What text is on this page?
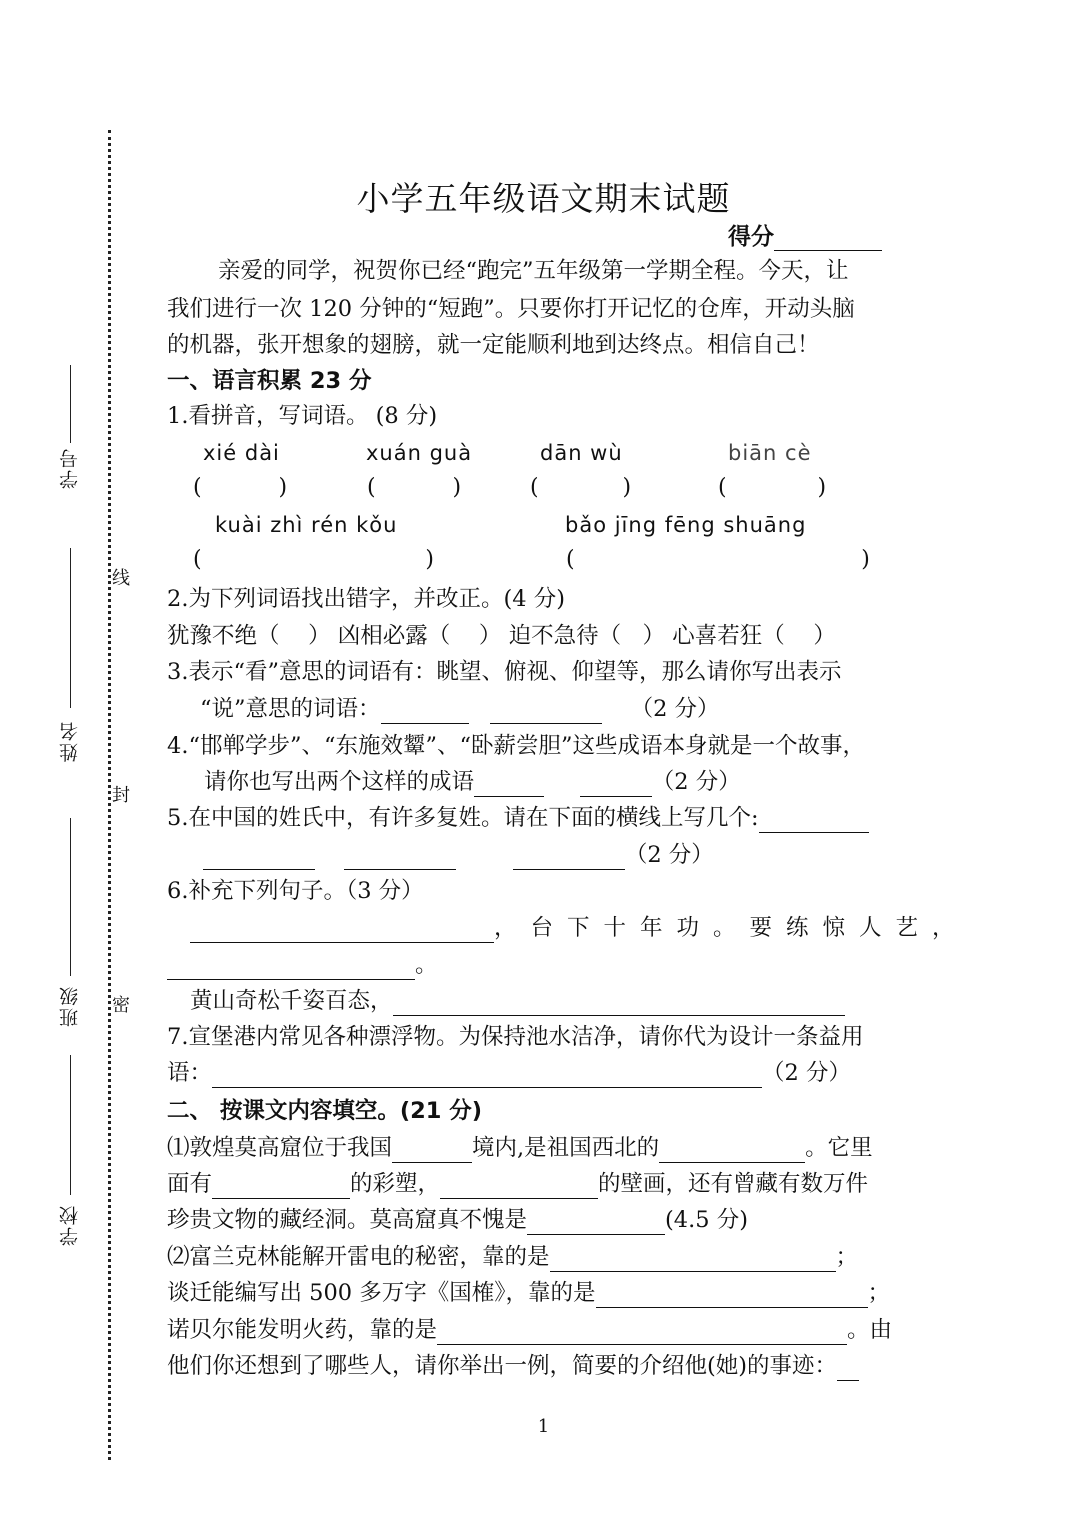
学号
姓名
班级
学校
线
封
密
小学五年级语文期末试题
得分
亲爱的同学，祝贺你已经“跑完”五年级第一学期全程。今天，让
我们进行一次 120 分钟的“短跑”。只要你打开记忆的仓库，开动头脑
的机器，张开想象的翅膀，就一定能顺利地到达终点。相信自己！
一、语言积累 23 分
1.看拼音，写词语。 (8 分)
xié dài	xuán guà	dān wù	biān cè
(           )	(           )	(            )	(             )
kuài zhì rén kǒu	bǎo jīng fēng shuāng
(                                )	(                                         )
2.为下列词语找出错字，并改正。(4 分)
犹豫不绝（    ） 凶相必露（    ） 迫不急待（   ） 心喜若狂（    ）
3.表示“看”意思的词语有：眺望、俯视、仰望等，那么请你写出表示
“说”意思的词语：	（2 分）
4.“邯郸学步”、“东施效颦”、“卧薪尝胆”这些成语本身就是一个故事，
请你也写出两个这样的成语	（2 分）
5.在中国的姓氏中，有许多复姓。请在下面的横线上写几个:
（2 分）
6.补充下列句子。（3 分）
，台下十年功。要练惊人艺，
。
黄山奇松千姿百态，
7.宣堡港内常见各种漂浮物。为保持池水洁净，请你代为设计一条益用
语：	（2 分）
二、 按课文内容填空。(21 分)
⑴敦煌莫高窟位于我国	境内,是祖国西北的	。它里
面有	的彩塑，	的壁画，还有曾藏有数万件
珍贵文物的藏经洞。莫高窟真不愧是	(4.5 分)
⑵富兰克林能解开雷电的秘密，靠的是	；
谈迁能编写出 500 多万字《国榷》，靠的是	；
诺贝尔能发明火药，靠的是	。由
他们你还想到了哪些人，请你举出一例，简要的介绍他(她)的事迹：
1
